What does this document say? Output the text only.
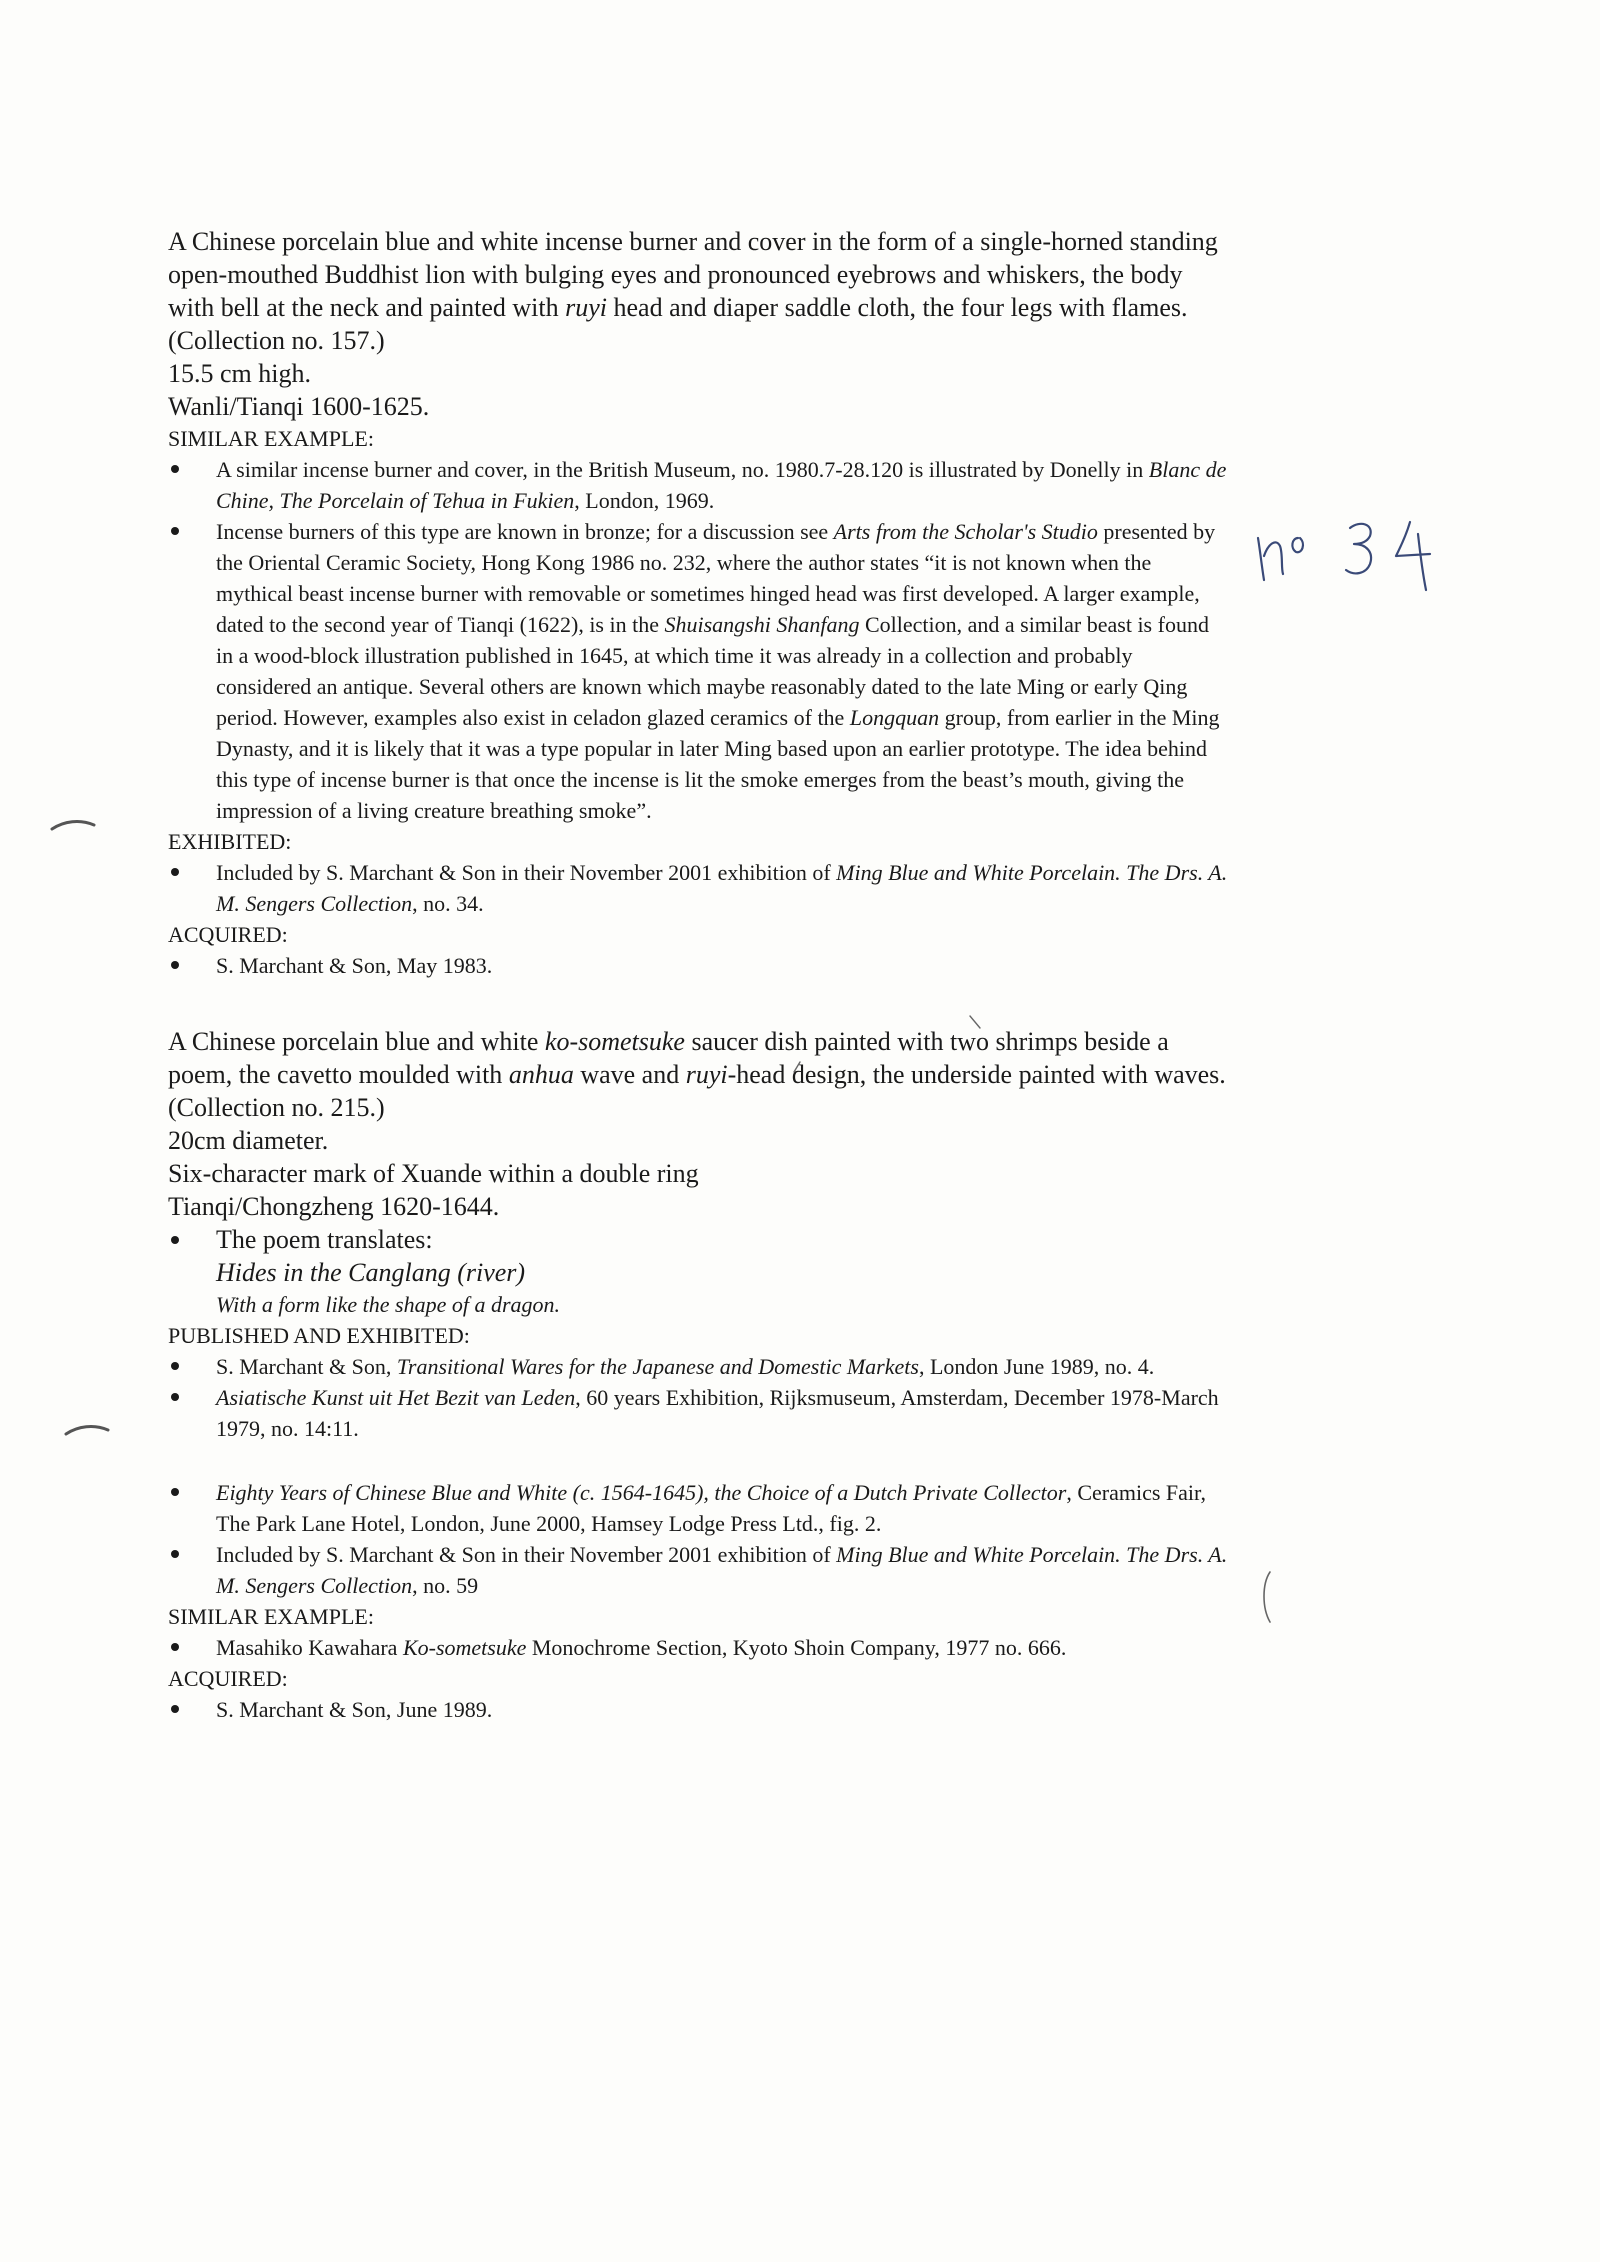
A Chinese porcelain blue and white incense burner and cover in the form of a single-horned standing open-mouthed Buddhist lion with bulging eyes and pronounced eyebrows and whiskers, the body with bell at the neck and painted with ruyi head and diaper saddle cloth, the four legs with flames.

(Collection no. 157.)

15.5 cm high.

Wanli/Tianqi 1600-1625.

SIMILAR EXAMPLE:

A similar incense burner and cover, in the British Museum, no. 1980.7-28.120 is illustrated by Donelly in Blanc de Chine, The Porcelain of Tehua in Fukien, London, 1969.
Incense burners of this type are known in bronze; for a discussion see Arts from the Scholar's Studio presented by the Oriental Ceramic Society, Hong Kong 1986 no. 232, where the author states “it is not known when the mythical beast incense burner with removable or sometimes hinged head was first developed. A larger example, dated to the second year of Tianqi (1622), is in the Shuisangshi Shanfang Collection, and a similar beast is found in a wood-block illustration published in 1645, at which time it was already in a collection and probably considered an antique. Several others are known which maybe reasonably dated to the late Ming or early Qing period. However, examples also exist in celadon glazed ceramics of the Longquan group, from earlier in the Ming Dynasty, and it is likely that it was a type popular in later Ming based upon an earlier prototype. The idea behind this type of incense burner is that once the incense is lit the smoke emerges from the beast’s mouth, giving the impression of a living creature breathing smoke”.

EXHIBITED:

Included by S. Marchant & Son in their November 2001 exhibition of Ming Blue and White Porcelain. The Drs. A. M. Sengers Collection, no. 34.

ACQUIRED:

S. Marchant & Son, May 1983.

A Chinese porcelain blue and white ko-sometsuke saucer dish painted with two shrimps beside a poem, the cavetto moulded with anhua wave and ruyi-head design, the underside painted with waves.

(Collection no. 215.)

20cm diameter.

Six-character mark of Xuande within a double ring

Tianqi/Chongzheng 1620-1644.

The poem translates:
Hides in the Canglang (river)
With a form like the shape of a dragon.

PUBLISHED AND EXHIBITED:

S. Marchant & Son, Transitional Wares for the Japanese and Domestic Markets, London June 1989, no. 4.
Asiatische Kunst uit Het Bezit van Leden, 60 years Exhibition, Rijksmuseum, Amsterdam, December 1978-March 1979, no. 14:11.
Eighty Years of Chinese Blue and White (c. 1564-1645), the Choice of a Dutch Private Collector, Ceramics Fair, The Park Lane Hotel, London, June 2000, Hamsey Lodge Press Ltd., fig. 2.
Included by S. Marchant & Son in their November 2001 exhibition of Ming Blue and White Porcelain. The Drs. A. M. Sengers Collection, no. 59

SIMILAR EXAMPLE:

Masahiko Kawahara Ko-sometsuke Monochrome Section, Kyoto Shoin Company, 1977 no. 666.

ACQUIRED:

S. Marchant & Son, June 1989.
